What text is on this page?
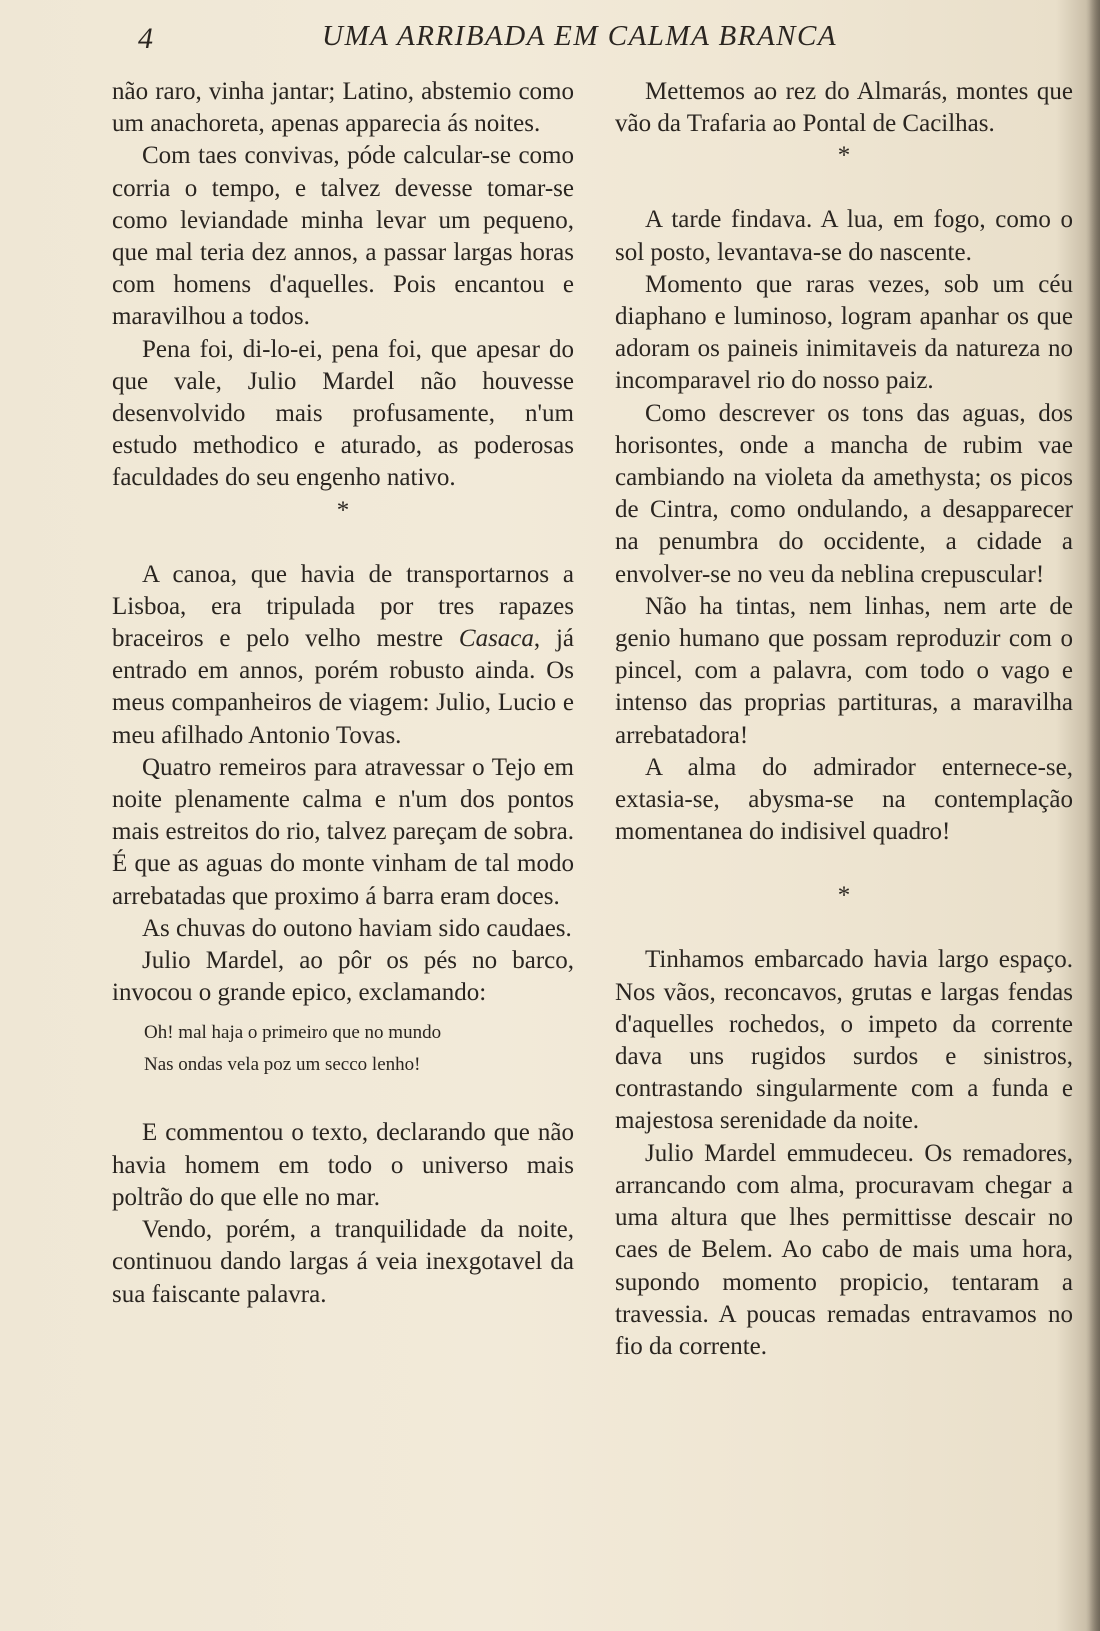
4	UMA ARRIBADA EM CALMA BRANCA

não raro, vinha jantar; Latino, abstemio como um anachoreta, apenas apparecia ás noites.

Com taes convivas, póde calcular-se como corria o tempo, e talvez devesse tomar-se como leviandade minha levar um pequeno, que mal teria dez annos, a passar largas horas com homens d'aquelles. Pois encantou e maravilhou a todos.

Pena foi, di-lo-ei, pena foi, que apesar do que vale, Julio Mardel não houvesse desenvolvido mais profusamente, n'um estudo methodico e aturado, as poderosas faculdades do seu engenho nativo.

*

A canoa, que havia de transportarnos a Lisboa, era tripulada por tres rapazes braceiros e pelo velho mestre Casaca, já entrado em annos, porém robusto ainda. Os meus companheiros de viagem: Julio, Lucio e meu afilhado Antonio Tovas.

Quatro remeiros para atravessar o Tejo em noite plenamente calma e n'um dos pontos mais estreitos do rio, talvez pareçam de sobra. É que as aguas do monte vinham de tal modo arrebatadas que proximo á barra eram doces.

As chuvas do outono haviam sido caudaes.

Julio Mardel, ao pôr os pés no barco, invocou o grande epico, exclamando:

Oh! mal haja o primeiro que no mundo
Nas ondas vela poz um secco lenho!

E commentou o texto, declarando que não havia homem em todo o universo mais poltrão do que elle no mar.

Vendo, porém, a tranquilidade da noite, continuou dando largas á veia inexgotavel da sua faiscante palavra.

Mettemos ao rez do Almarás, montes que vão da Trafaria ao Pontal de Cacilhas.

*

A tarde findava. A lua, em fogo, como o sol posto, levantava-se do nascente.

Momento que raras vezes, sob um céu diaphano e luminoso, logram apanhar os que adoram os paineis inimitaveis da natureza no incomparavel rio do nosso paiz.

Como descrever os tons das aguas, dos horisontes, onde a mancha de rubim vae cambiando na violeta da amethysta; os picos de Cintra, como ondulando, a desapparecer na penumbra do occidente, a cidade a envolver-se no veu da neblina crepuscular!

Não ha tintas, nem linhas, nem arte de genio humano que possam reproduzir com o pincel, com a palavra, com todo o vago e intenso das proprias partituras, a maravilha arrebatadora!

A alma do admirador enternece-se, extasia-se, abysma-se na contemplação momentanea do indisivel quadro!

*

Tinhamos embarcado havia largo espaço. Nos vãos, reconcavos, grutas e largas fendas d'aquelles rochedos, o impeto da corrente dava uns rugidos surdos e sinistros, contrastando singularmente com a funda e majestosa serenidade da noite.

Julio Mardel emmudeceu. Os remadores, arrancando com alma, procuravam chegar a uma altura que lhes permittisse descair no caes de Belem. Ao cabo de mais uma hora, supondo momento propicio, tentaram a travessia. A poucas remadas entravamos no fio da corrente.
